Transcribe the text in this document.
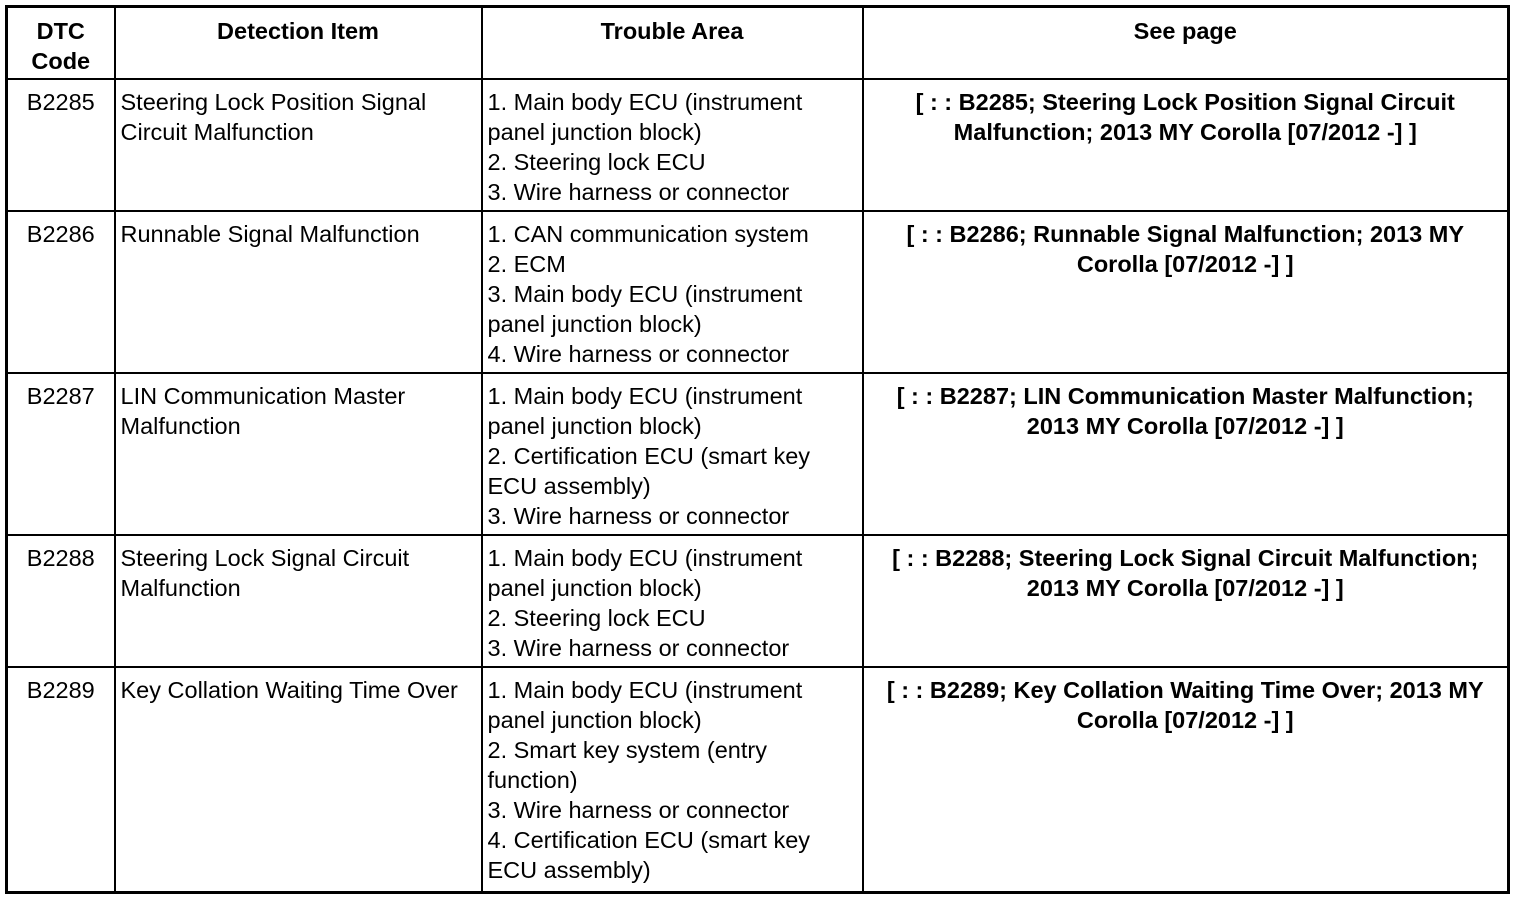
DTC
Code	Detection Item	Trouble Area	See page
B2285	Steering Lock Position Signal Circuit Malfunction	1. Main body ECU (instrument panel junction block)
2. Steering lock ECU
3. Wire harness or connector	[ : : B2285; Steering Lock Position Signal Circuit Malfunction; 2013 MY Corolla [07/2012 -] ]
B2286	Runnable Signal Malfunction	1. CAN communication system
2. ECM
3. Main body ECU (instrument panel junction block)
4. Wire harness or connector	[ : : B2286; Runnable Signal Malfunction; 2013 MY Corolla [07/2012 -] ]
B2287	LIN Communication Master Malfunction	1. Main body ECU (instrument panel junction block)
2. Certification ECU (smart key ECU assembly)
3. Wire harness or connector	[ : : B2287; LIN Communication Master Malfunction; 2013 MY Corolla [07/2012 -] ]
B2288	Steering Lock Signal Circuit Malfunction	1. Main body ECU (instrument panel junction block)
2. Steering lock ECU
3. Wire harness or connector	[ : : B2288; Steering Lock Signal Circuit Malfunction; 2013 MY Corolla [07/2012 -] ]
B2289	Key Collation Waiting Time Over	1. Main body ECU (instrument panel junction block)
2. Smart key system (entry function)
3. Wire harness or connector
4. Certification ECU (smart key ECU assembly)	[ : : B2289; Key Collation Waiting Time Over; 2013 MY Corolla [07/2012 -] ]
